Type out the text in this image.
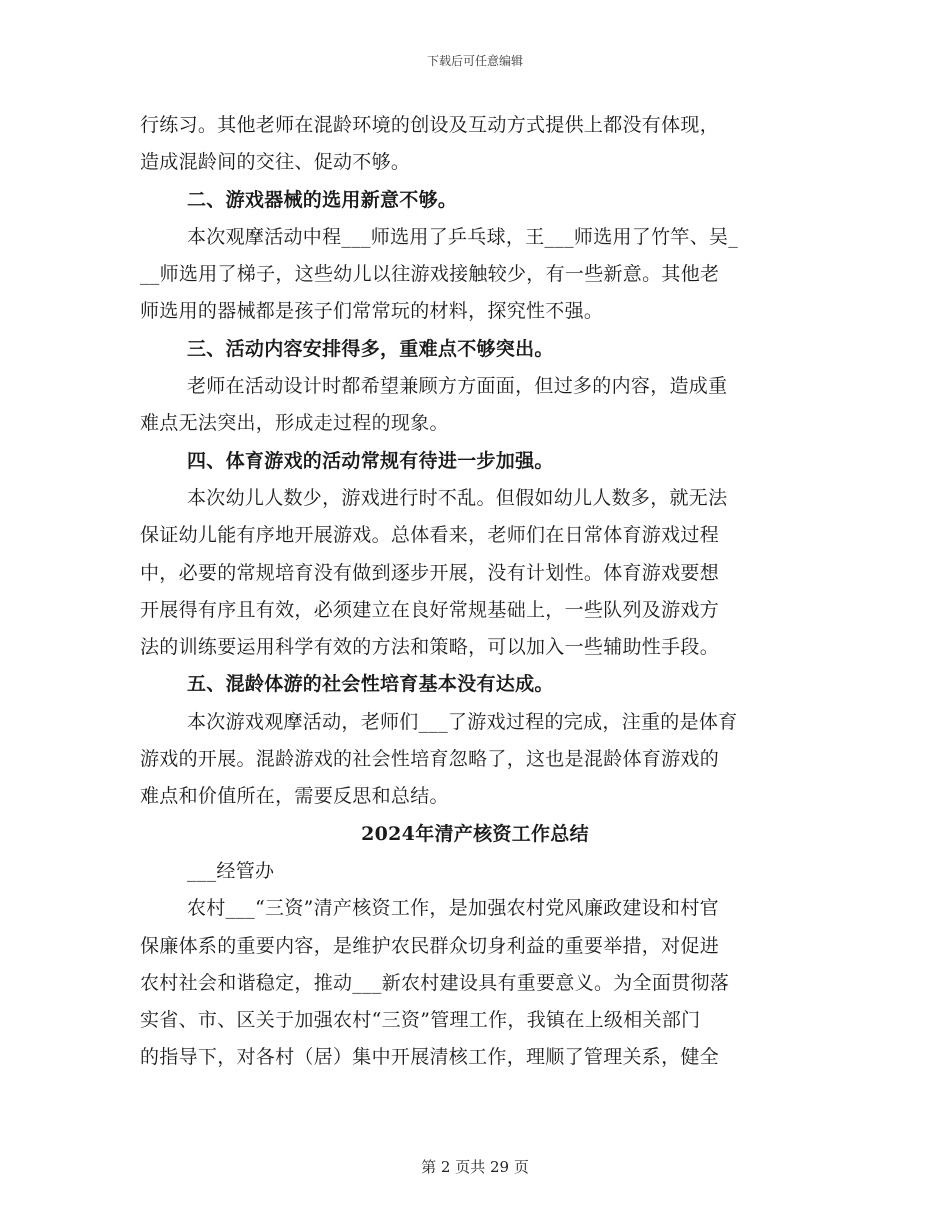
下载后可任意编辑
行练习。其他老师在混龄环境的创设及互动方式提供上都没有体现，
造成混龄间的交往、促动不够。
二、游戏器械的选用新意不够。
本次观摩活动中程___师选用了乒乓球，王___师选用了竹竿、吴_
__师选用了梯子，这些幼儿以往游戏接触较少，有一些新意。其他老
师选用的器械都是孩子们常常玩的材料，探究性不强。
三、活动内容安排得多，重难点不够突出。
老师在活动设计时都希望兼顾方方面面，但过多的内容，造成重
难点无法突出，形成走过程的现象。
四、体育游戏的活动常规有待进一步加强。
本次幼儿人数少，游戏进行时不乱。但假如幼儿人数多，就无法
保证幼儿能有序地开展游戏。总体看来，老师们在日常体育游戏过程
中，必要的常规培育没有做到逐步开展，没有计划性。体育游戏要想
开展得有序且有效，必须建立在良好常规基础上，一些队列及游戏方
法的训练要运用科学有效的方法和策略，可以加入一些辅助性手段。
五、混龄体游的社会性培育基本没有达成。
本次游戏观摩活动，老师们___了游戏过程的完成，注重的是体育
游戏的开展。混龄游戏的社会性培育忽略了，这也是混龄体育游戏的
难点和价值所在，需要反思和总结。
2024年清产核资工作总结
___经管办
农村___“三资”清产核资工作，是加强农村党风廉政建设和村官
保廉体系的重要内容，是维护农民群众切身利益的重要举措，对促进
农村社会和谐稳定，推动___新农村建设具有重要意义。为全面贯彻落
实省、市、区关于加强农村“三资”管理工作，我镇在上级相关部门
的指导下，对各村（居）集中开展清核工作，理顺了管理关系，健全
第 2 页共 29 页
